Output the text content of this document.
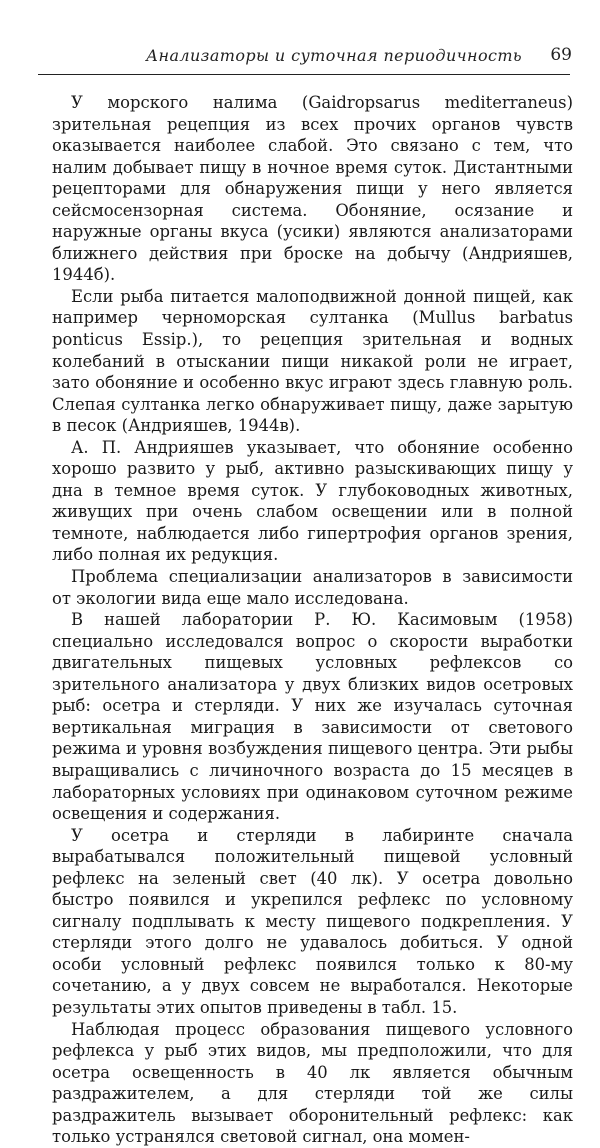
Анализаторы и суточная периодичность 69

У морского налима (Gaidropsarus mediterraneus) зрительная рецепция из всех прочих органов чувств оказывается наиболее слабой. Это связано с тем, что налим добывает пищу в ночное время суток. Дистантными рецепторами для обнаружения пищи у него является сейсмосензорная система. Обоняние, осязание и наружные органы вкуса (усики) являются анализаторами ближнего действия при броске на добычу (Андрияшев, 1944б).

Если рыба питается малоподвижной донной пищей, как например черноморская султанка (Mullus barbatus ponticus Essip.), то рецепция зрительная и водных колебаний в отыскании пищи никакой роли не играет, зато обоняние и особенно вкус играют здесь главную роль. Слепая султанка легко обнаруживает пищу, даже зарытую в песок (Андрияшев, 1944в).

А. П. Андрияшев указывает, что обоняние особенно хорошо развито у рыб, активно разыскивающих пищу у дна в темное время суток. У глубоководных животных, живущих при очень слабом освещении или в полной темноте, наблюдается либо гипертрофия органов зрения, либо полная их редукция.

Проблема специализации анализаторов в зависимости от экологии вида еще мало исследована.

В нашей лаборатории Р. Ю. Касимовым (1958) специально исследовался вопрос о скорости выработки двигательных пищевых условных рефлексов со зрительного анализатора у двух близких видов осетровых рыб: осетра и стерляди. У них же изучалась суточная вертикальная миграция в зависимости от светового режима и уровня возбуждения пищевого центра. Эти рыбы выращивались с личиночного возраста до 15 месяцев в лабораторных условиях при одинаковом суточном режиме освещения и содержания.

У осетра и стерляди в лабиринте сначала вырабатывался положительный пищевой условный рефлекс на зеленый свет (40 лк). У осетра довольно быстро появился и укрепился рефлекс по условному сигналу подплывать к месту пищевого подкрепления. У стерляди этого долго не удавалось добиться. У одной особи условный рефлекс появился только к 80-му сочетанию, а у двух совсем не выработался. Некоторые результаты этих опытов приведены в табл. 15.

Наблюдая процесс образования пищевого условного рефлекса у рыб этих видов, мы предположили, что для осетра освещенность в 40 лк является обычным раздражителем, а для стерляди той же силы раздражитель вызывает оборонительный рефлекс: как только устранялся световой сигнал, она момен-
